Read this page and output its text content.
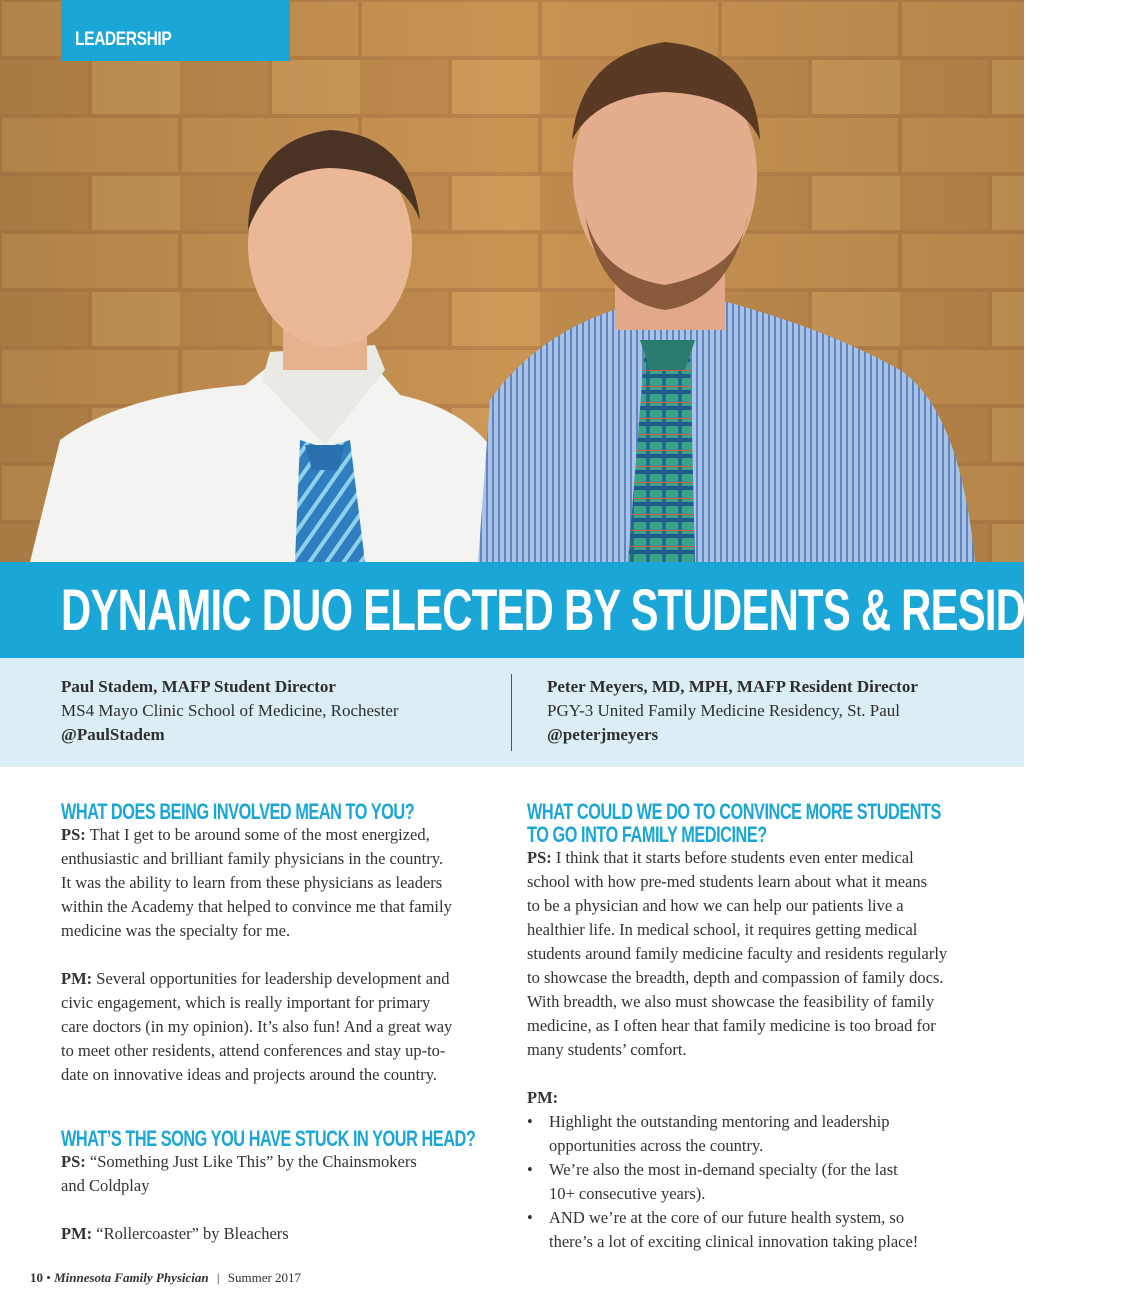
LEADERSHIP
DYNAMIC DUO ELECTED BY STUDENTS & RESIDENTS
Paul Stadem, MAFP Student Director
MS4 Mayo Clinic School of Medicine, Rochester
@PaulStadem
Peter Meyers, MD, MPH, MAFP Resident Director
PGY-3 United Family Medicine Residency, St. Paul
@peterjmeyers
WHAT DOES BEING INVOLVED MEAN TO YOU?

PS: That I get to be around some of the most energized,
enthusiastic and brilliant family physicians in the country.
It was the ability to learn from these physicians as leaders
within the Academy that helped to convince me that family
medicine was the specialty for me.

PM: Several opportunities for leadership development and
civic engagement, which is really important for primary
care doctors (in my opinion). It’s also fun! And a great way
to meet other residents, attend conferences and stay up-to-
date on innovative ideas and projects around the country.

WHAT’S THE SONG YOU HAVE STUCK IN YOUR HEAD?

PS: “Something Just Like This” by the Chainsmokers
and Coldplay

PM: “Rollercoaster” by Bleachers

WHAT COULD WE DO TO CONVINCE MORE STUDENTS
TO GO INTO FAMILY MEDICINE?

PS: I think that it starts before students even enter medical
school with how pre-med students learn about what it means
to be a physician and how we can help our patients live a
healthier life. In medical school, it requires getting medical
students around family medicine faculty and residents regularly
to showcase the breadth, depth and compassion of family docs.
With breadth, we also must showcase the feasibility of family
medicine, as I often hear that family medicine is too broad for
many students’ comfort.

PM:

• Highlight the outstanding mentoring and leadership
opportunities across the country.
• We’re also the most in-demand specialty (for the last
10+ consecutive years).
• AND we’re at the core of our future health system, so
there’s a lot of exciting clinical innovation taking place!
10 • Minnesota Family Physician | Summer 2017
